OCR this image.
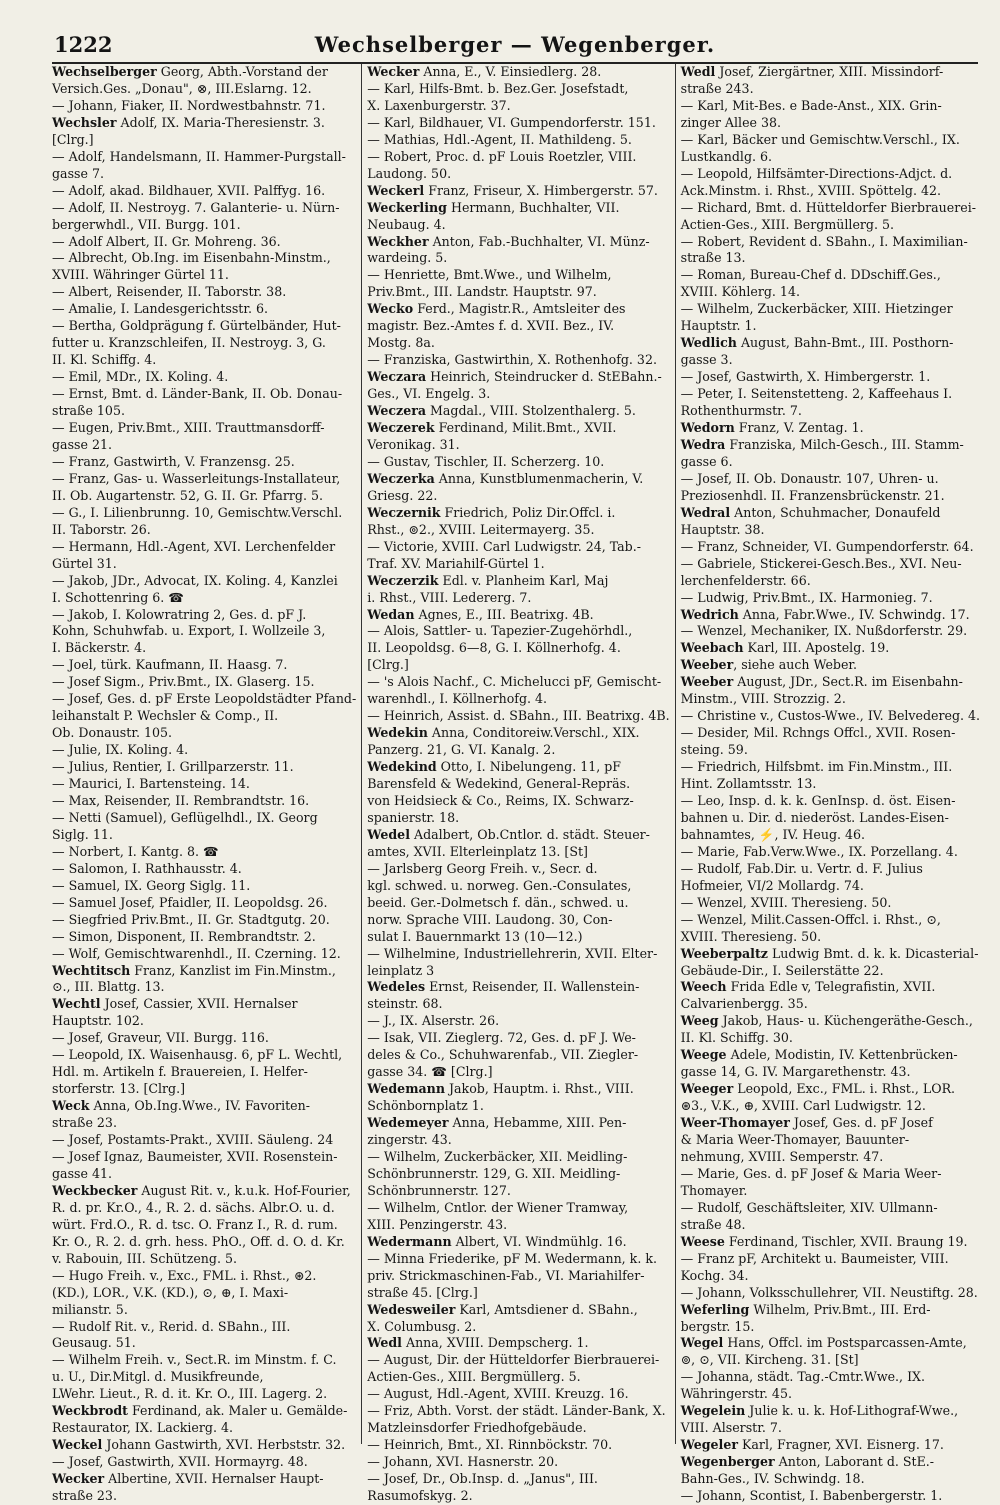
1222	Wechselberger — Wegenberger.
Wechselberger Georg, Abth.-Vorstand der
Versich.Ges. „Donau", ⊗, III.Eslarng. 12.
— Johann, Fiaker, II. Nordwestbahnstr. 71.
Wechsler Adolf, IX. Maria-Theresienstr. 3.
[Clrg.]
— Adolf, Handelsmann, II. Hammer-Purgstall-
gasse 7.
— Adolf, akad. Bildhauer, XVII. Palffyg. 16.
— Adolf, II. Nestroyg. 7. Galanterie- u. Nürn-
bergerwhdl., VII. Burgg. 101.
— Adolf Albert, II. Gr. Mohreng. 36.
— Albrecht, Ob.Ing. im Eisenbahn-Minstm.,
XVIII. Währinger Gürtel 11.
— Albert, Reisender, II. Taborstr. 38.
— Amalie, I. Landesgerichtsstr. 6.
— Bertha, Goldprägung f. Gürtelbänder, Hut-
futter u. Kranzschleifen, II. Nestroyg. 3, G.
II. Kl. Schiffg. 4.
— Emil, MDr., IX. Koling. 4.
— Ernst, Bmt. d. Länder-Bank, II. Ob. Donau-
straße 105.
— Eugen, Priv.Bmt., XIII. Trauttmansdorff-
gasse 21.
— Franz, Gastwirth, V. Franzensg. 25.
— Franz, Gas- u. Wasserleitungs-Installateur,
II. Ob. Augartenstr. 52, G. II. Gr. Pfarrg. 5.
— G., I. Lilienbrunng. 10, Gemischtw.Verschl.
II. Taborstr. 26.
— Hermann, Hdl.-Agent, XVI. Lerchenfelder
Gürtel 31.
— Jakob, JDr., Advocat, IX. Koling. 4, Kanzlei
I. Schottenring 6. ☎
— Jakob, I. Kolowratring 2, Ges. d. pF J.
Kohn, Schuhwfab. u. Export, I. Wollzeile 3,
I. Bäckerstr. 4.
— Joel, türk. Kaufmann, II. Haasg. 7.
— Josef Sigm., Priv.Bmt., IX. Glaserg. 15.
— Josef, Ges. d. pF Erste Leopoldstädter Pfand-
leihanstalt P. Wechsler & Comp., II.
Ob. Donaustr. 105.
— Julie, IX. Koling. 4.
— Julius, Rentier, I. Grillparzerstr. 11.
— Maurici, I. Bartensteing. 14.
— Max, Reisender, II. Rembrandtstr. 16.
— Netti (Samuel), Geflügelhdl., IX. Georg
Siglg. 11.
— Norbert, I. Kantg. 8. ☎
— Salomon, I. Rathhausstr. 4.
— Samuel, IX. Georg Siglg. 11.
— Samuel Josef, Pfaidler, II. Leopoldsg. 26.
— Siegfried Priv.Bmt., II. Gr. Stadtgutg. 20.
— Simon, Disponent, II. Rembrandtstr. 2.
— Wolf, Gemischtwarenhdl., II. Czerning. 12.
Wechtitsch Franz, Kanzlist im Fin.Minstm.,
⊙., III. Blattg. 13.
Wechtl Josef, Cassier, XVII. Hernalser
Hauptstr. 102.
— Josef, Graveur, VII. Burgg. 116.
— Leopold, IX. Waisenhausg. 6, pF L. Wechtl,
Hdl. m. Artikeln f. Brauereien, I. Helfer-
storferstr. 13. [Clrg.]
Weck Anna, Ob.Ing.Wwe., IV. Favoriten-
straße 23.
— Josef, Postamts-Prakt., XVIII. Säuleng. 24
— Josef Ignaz, Baumeister, XVII. Rosenstein-
gasse 41.
Weckbecker August Rit. v., k.u.k. Hof-Fourier,
R. d. pr. Kr.O., 4., R. 2. d. sächs. Albr.O. u. d.
würt. Frd.O., R. d. tsc. O. Franz I., R. d. rum.
Kr. O., R. 2. d. grh. hess. PhO., Off. d. O. d. Kr.
v. Rabouin, III. Schützeng. 5.
— Hugo Freih. v., Exc., FML. i. Rhst., ⊛2.
(KD.), LOR., V.K. (KD.), ⊙, ⊕, I. Maxi-
milianstr. 5.
— Rudolf Rit. v., Rerid. d. SBahn., III.
Geusaug. 51.
— Wilhelm Freih. v., Sect.R. im Minstm. f. C.
u. U., Dir.Mitgl. d. Musikfreunde,
LWehr. Lieut., R. d. it. Kr. O., III. Lagerg. 2.
Weckbrodt Ferdinand, ak. Maler u. Gemälde-
Restaurator, IX. Lackierg. 4.
Weckel Johann Gastwirth, XVI. Herbststr. 32.
— Josef, Gastwirth, XVII. Hormayrg. 48.
Wecker Albertine, XVII. Hernalser Haupt-
straße 23.
Wecker Anna, E., V. Einsiedlerg. 28.
— Karl, Hilfs-Bmt. b. Bez.Ger. Josefstadt,
X. Laxenburgerstr. 37.
— Karl, Bildhauer, VI. Gumpendorferstr. 151.
— Mathias, Hdl.-Agent, II. Mathildeng. 5.
— Robert, Proc. d. pF Louis Roetzler, VIII.
Laudong. 50.
Weckerl Franz, Friseur, X. Himbergerstr. 57.
Weckerling Hermann, Buchhalter, VII.
Neubaug. 4.
Weckher Anton, Fab.-Buchhalter, VI. Münz-
wardeing. 5.
— Henriette, Bmt.Wwe., und Wilhelm,
Priv.Bmt., III. Landstr. Hauptstr. 97.
Wecko Ferd., Magistr.R., Amtsleiter des
magistr. Bez.-Amtes f. d. XVII. Bez., IV.
Mostg. 8a.
— Franziska, Gastwirthin, X. Rothenhofg. 32.
Weczara Heinrich, Steindrucker d. StEBahn.-
Ges., VI. Engelg. 3.
Weczera Magdal., VIII. Stolzenthalerg. 5.
Weczerek Ferdinand, Milit.Bmt., XVII.
Veronikag. 31.
— Gustav, Tischler, II. Scherzerg. 10.
Weczerka Anna, Kunstblumenmacherin, V.
Griesg. 22.
Weczernik Friedrich, Poliz Dir.Offcl. i.
Rhst., ⊚2., XVIII. Leitermayerg. 35.
— Victorie, XVIII. Carl Ludwigstr. 24, Tab.-
Traf. XV. Mariahilf-Gürtel 1.
Weczerzik Edl. v. Planheim Karl, Maj
i. Rhst., VIII. Ledererg. 7.
Wedan Agnes, E., III. Beatrixg. 4B.
— Alois, Sattler- u. Tapezier-Zugehörhdl.,
II. Leopoldsg. 6—8, G. I. Köllnerhofg. 4.
[Clrg.]
— 's Alois Nachf., C. Michelucci pF, Gemischt-
warenhdl., I. Köllnerhofg. 4.
— Heinrich, Assist. d. SBahn., III. Beatrixg. 4B.
Wedekin Anna, Conditoreiw.Verschl., XIX.
Panzerg. 21, G. VI. Kanalg. 2.
Wedekind Otto, I. Nibelungeng. 11, pF
Barensfeld & Wedekind, General-Repräs.
von Heidsieck & Co., Reims, IX. Schwarz-
spanierstr. 18.
Wedel Adalbert, Ob.Cntlor. d. städt. Steuer-
amtes, XVII. Elterleinplatz 13. [St]
— Jarlsberg Georg Freih. v., Secr. d.
kgl. schwed. u. norweg. Gen.-Consulates,
beeid. Ger.-Dolmetsch f. dän., schwed. u.
norw. Sprache VIII. Laudong. 30, Con-
sulat I. Bauernmarkt 13 (10—12.)
— Wilhelmine, Industriellehrerin, XVII. Elter-
leinplatz 3
Wedeles Ernst, Reisender, II. Wallenstein-
steinstr. 68.
— J., IX. Alserstr. 26.
— Isak, VII. Zieglerg. 72, Ges. d. pF J. We-
deles & Co., Schuhwarenfab., VII. Ziegler-
gasse 34. ☎ [Clrg.]
Wedemann Jakob, Hauptm. i. Rhst., VIII.
Schönbornplatz 1.
Wedemeyer Anna, Hebamme, XIII. Pen-
zingerstr. 43.
— Wilhelm, Zuckerbäcker, XII. Meidling-
Schönbrunnerstr. 129, G. XII. Meidling-
Schönbrunnerstr. 127.
— Wilhelm, Cntlor. der Wiener Tramway,
XIII. Penzingerstr. 43.
Wedermann Albert, VI. Windmühlg. 16.
— Minna Friederike, pF M. Wedermann, k. k.
priv. Strickmaschinen-Fab., VI. Mariahilfer-
straße 45. [Clrg.]
Wedesweiler Karl, Amtsdiener d. SBahn.,
X. Columbusg. 2.
Wedl Anna, XVIII. Dempscherg. 1.
— August, Dir. der Hütteldorfer Bierbrauerei-
Actien-Ges., XIII. Bergmüllerg. 5.
— August, Hdl.-Agent, XVIII. Kreuzg. 16.
— Friz, Abth. Vorst. der städt. Länder-Bank, X.
Matzleinsdorfer Friedhofgebäude.
— Heinrich, Bmt., XI. Rinnböckstr. 70.
— Johann, XVI. Hasnerstr. 20.
— Josef, Dr., Ob.Insp. d. „Janus", III.
Rasumofskyg. 2.
Wedl Josef, Ziergärtner, XIII. Missindorf-
straße 243.
— Karl, Mit-Bes. e Bade-Anst., XIX. Grin-
zinger Allee 38.
— Karl, Bäcker und Gemischtw.Verschl., IX.
Lustkandlg. 6.
— Leopold, Hilfsämter-Directions-Adjct. d.
Ack.Minstm. i. Rhst., XVIII. Spöttelg. 42.
— Richard, Bmt. d. Hütteldorfer Bierbrauerei-
Actien-Ges., XIII. Bergmüllerg. 5.
— Robert, Revident d. SBahn., I. Maximilian-
straße 13.
— Roman, Bureau-Chef d. DDschiff.Ges.,
XVIII. Köhlerg. 14.
— Wilhelm, Zuckerbäcker, XIII. Hietzinger
Hauptstr. 1.
Wedlich August, Bahn-Bmt., III. Posthorn-
gasse 3.
— Josef, Gastwirth, X. Himbergerstr. 1.
— Peter, I. Seitenstetteng. 2, Kaffeehaus I.
Rothenthurmstr. 7.
Wedorn Franz, V. Zentag. 1.
Wedra Franziska, Milch-Gesch., III. Stamm-
gasse 6.
— Josef, II. Ob. Donaustr. 107, Uhren- u.
Preziosenhdl. II. Franzensbrückenstr. 21.
Wedral Anton, Schuhmacher, Donaufeld
Hauptstr. 38.
— Franz, Schneider, VI. Gumpendorferstr. 64.
— Gabriele, Stickerei-Gesch.Bes., XVI. Neu-
lerchenfelderstr. 66.
— Ludwig, Priv.Bmt., IX. Harmonieg. 7.
Wedrich Anna, Fabr.Wwe., IV. Schwindg. 17.
— Wenzel, Mechaniker, IX. Nußdorferstr. 29.
Weebach Karl, III. Apostelg. 19.
Weeber, siehe auch Weber.
Weeber August, JDr., Sect.R. im Eisenbahn-
Minstm., VIII. Strozzig. 2.
— Christine v., Custos-Wwe., IV. Belvedereg. 4.
— Desider, Mil. Rchngs Offcl., XVII. Rosen-
steing. 59.
— Friedrich, Hilfsbmt. im Fin.Minstm., III.
Hint. Zollamtsstr. 13.
— Leo, Insp. d. k. k. GenInsp. d. öst. Eisen-
bahnen u. Dir. d. niederöst. Landes-Eisen-
bahnamtes, ⚡, IV. Heug. 46.
— Marie, Fab.Verw.Wwe., IX. Porzellang. 4.
— Rudolf, Fab.Dir. u. Vertr. d. F. Julius
Hofmeier, VI/2 Mollardg. 74.
— Wenzel, XVIII. Theresieng. 50.
— Wenzel, Milit.Cassen-Offcl. i. Rhst., ⊙,
XVIII. Theresieng. 50.
Weeberpaltz Ludwig Bmt. d. k. k. Dicasterial-
Gebäude-Dir., I. Seilerstätte 22.
Weech Frida Edle v, Telegrafistin, XVII.
Calvarienbergg. 35.
Weeg Jakob, Haus- u. Küchengeräthe-Gesch.,
II. Kl. Schiffg. 30.
Weege Adele, Modistin, IV. Kettenbrücken-
gasse 14, G. IV. Margarethenstr. 43.
Weeger Leopold, Exc., FML. i. Rhst., LOR.
⊛3., V.K., ⊕, XVIII. Carl Ludwigstr. 12.
Weer-Thomayer Josef, Ges. d. pF Josef
& Maria Weer-Thomayer, Bauunter-
nehmung, XVIII. Semperstr. 47.
— Marie, Ges. d. pF Josef & Maria Weer-
Thomayer.
— Rudolf, Geschäftsleiter, XIV. Ullmann-
straße 48.
Weese Ferdinand, Tischler, XVII. Braung 19.
— Franz pF, Architekt u. Baumeister, VIII.
Kochg. 34.
— Johann, Volksschullehrer, VII. Neustiftg. 28.
Weferling Wilhelm, Priv.Bmt., III. Erd-
bergstr. 15.
Wegel Hans, Offcl. im Postsparcassen-Amte,
⊚, ⊙, VII. Kircheng. 31. [St]
— Johanna, städt. Tag.-Cmtr.Wwe., IX.
Währingerstr. 45.
Wegelein Julie k. u. k. Hof-Lithograf-Wwe.,
VIII. Alserstr. 7.
Wegeler Karl, Fragner, XVI. Eisnerg. 17.
Wegenberger Anton, Laborant d. StE.-
Bahn-Ges., IV. Schwindg. 18.
— Johann, Scontist, I. Babenbergerstr. 1.
